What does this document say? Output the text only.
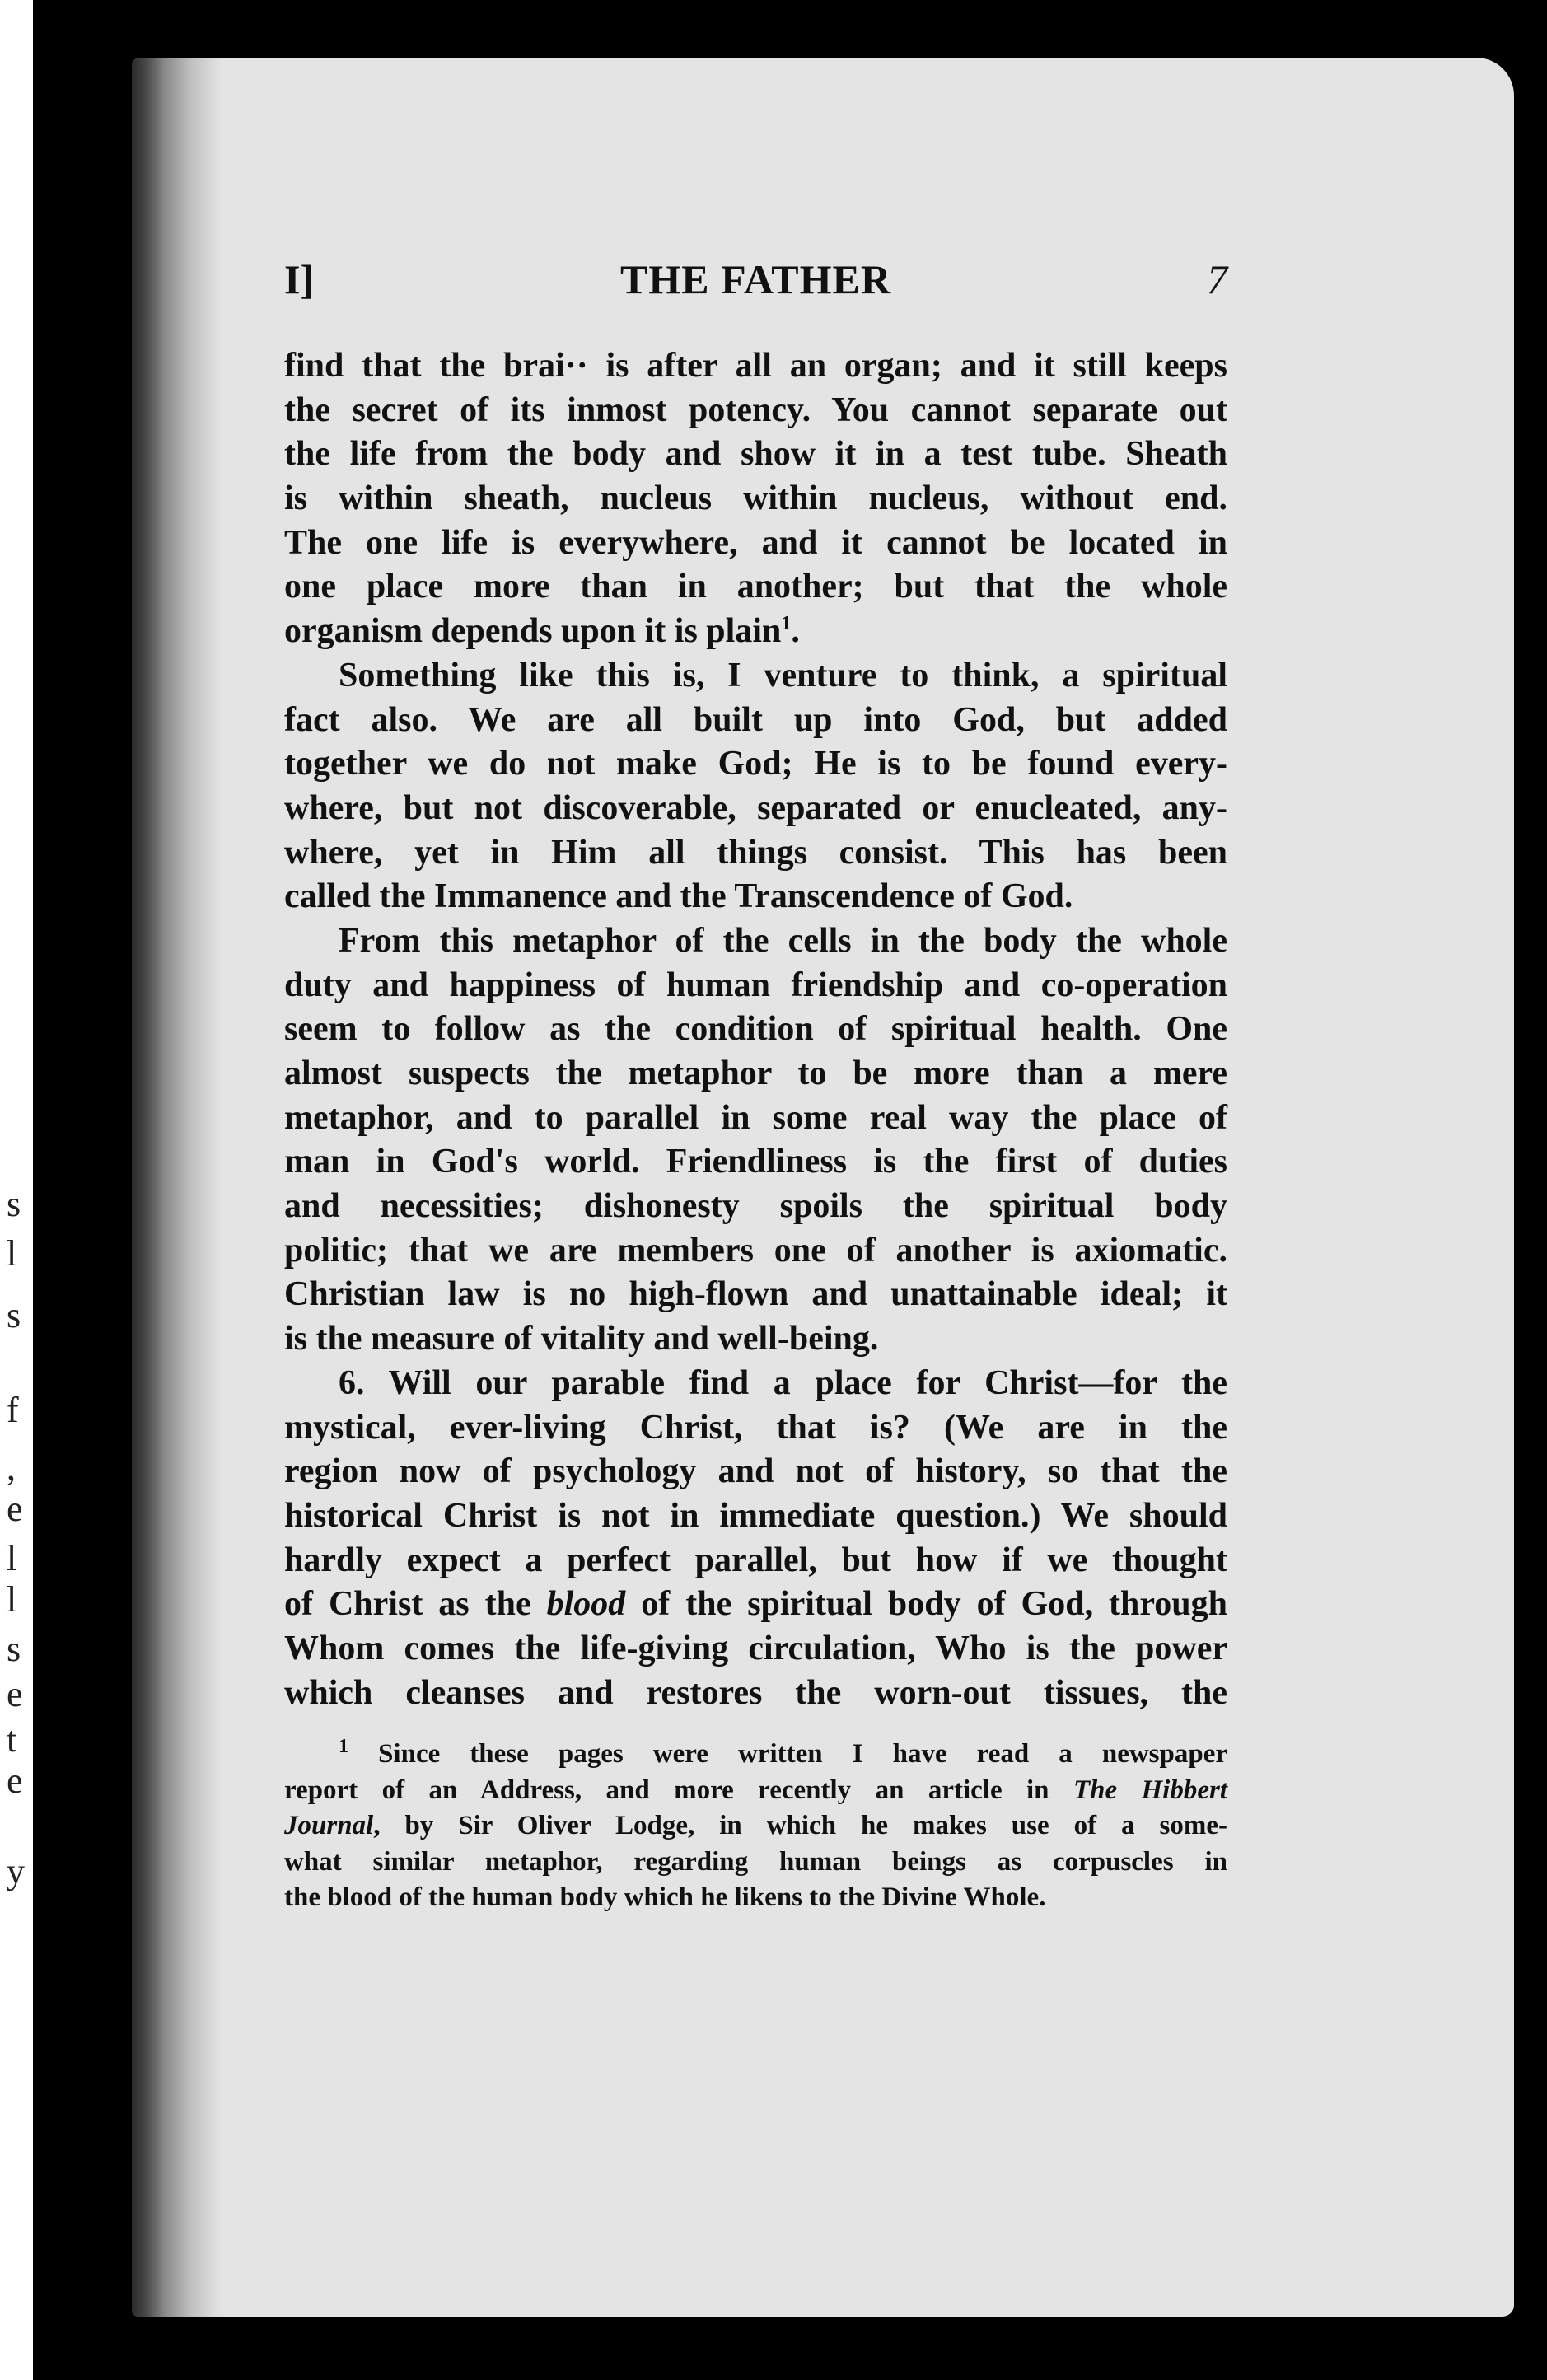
s
l
s
f
,
e
l
l
s
e
t
e
y
I]	THE FATHER	7
find that the brai·· is after all an organ; and it still keeps
the secret of its inmost potency. You cannot separate out
the life from the body and show it in a test tube. Sheath
is within sheath, nucleus within nucleus, without end.
The one life is everywhere, and it cannot be located in
one place more than in another; but that the whole
organism depends upon it is plain$^1$.
Something like this is, I venture to think, a spiritual
fact also. We are all built up into God, but added
together we do not make God; He is to be found every-
where, but not discoverable, separated or enucleated, any-
where, yet in Him all things consist. This has been
called the Immanence and the Transcendence of God.
From this metaphor of the cells in the body the whole
duty and happiness of human friendship and co-operation
seem to follow as the condition of spiritual health. One
almost suspects the metaphor to be more than a mere
metaphor, and to parallel in some real way the place of
man in God's world. Friendliness is the first of duties
and necessities; dishonesty spoils the spiritual body
politic; that we are members one of another is axiomatic.
Christian law is no high-flown and unattainable ideal; it
is the measure of vitality and well-being.
6. Will our parable find a place for Christ—for the
mystical, ever-living Christ, that is? (We are in the
region now of psychology and not of history, so that the
historical Christ is not in immediate question.) We should
hardly expect a perfect parallel, but how if we thought
of Christ as the blood of the spiritual body of God, through
Whom comes the life-giving circulation, Who is the power
which cleanses and restores the worn-out tissues, the
$^1$ Since these pages were written I have read a newspaper
report of an Address, and more recently an article in The Hibbert
Journal, by Sir Oliver Lodge, in which he makes use of a some-
what similar metaphor, regarding human beings as corpuscles in
the blood of the human body which he likens to the Divine Whole.
